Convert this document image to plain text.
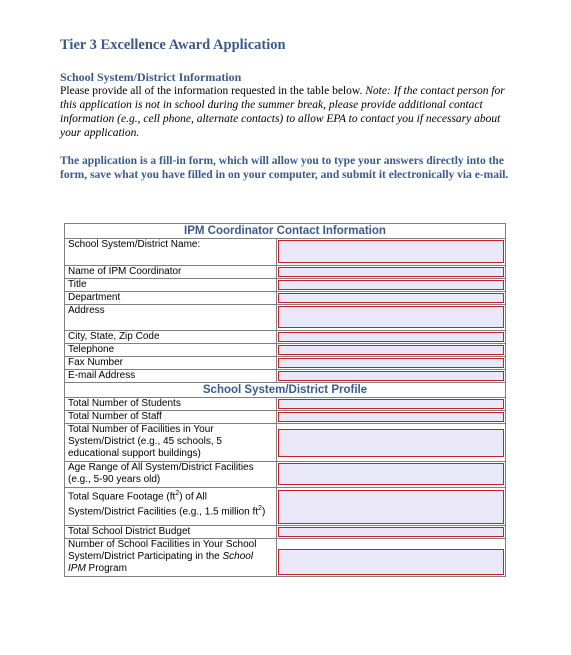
Tier 3 Excellence Award Application
School System/District Information
Please provide all of the information requested in the table below. Note: If the contact person for this application is not in school during the summer break, please provide additional contact information (e.g., cell phone, alternate contacts) to allow EPA to contact you if necessary about your application.
The application is a fill-in form, which will allow you to type your answers directly into the form, save what you have filled in on your computer, and submit it electronically via e-mail.
IPM Coordinator Contact Information	
School System/District Name:	

Name of IPM Coordinator	

Title	

Department	

Address	

City, State, Zip Code	

Telephone	

Fax Number	

E-mail Address	

School System/District Profile	
Total Number of Students	

Total Number of Staff	

Total Number of Facilities in Your System/District (e.g., 45 schools, 5 educational support buildings)	

Age Range of All System/District Facilities (e.g., 5-90 years old)	

Total Square Footage $(ft^2)$ of All System/District Facilities (e.g., 1.5 million $ft^2$)	

Total School District Budget	

Number of School Facilities in Your School System/District Participating in the School IPM Program	
